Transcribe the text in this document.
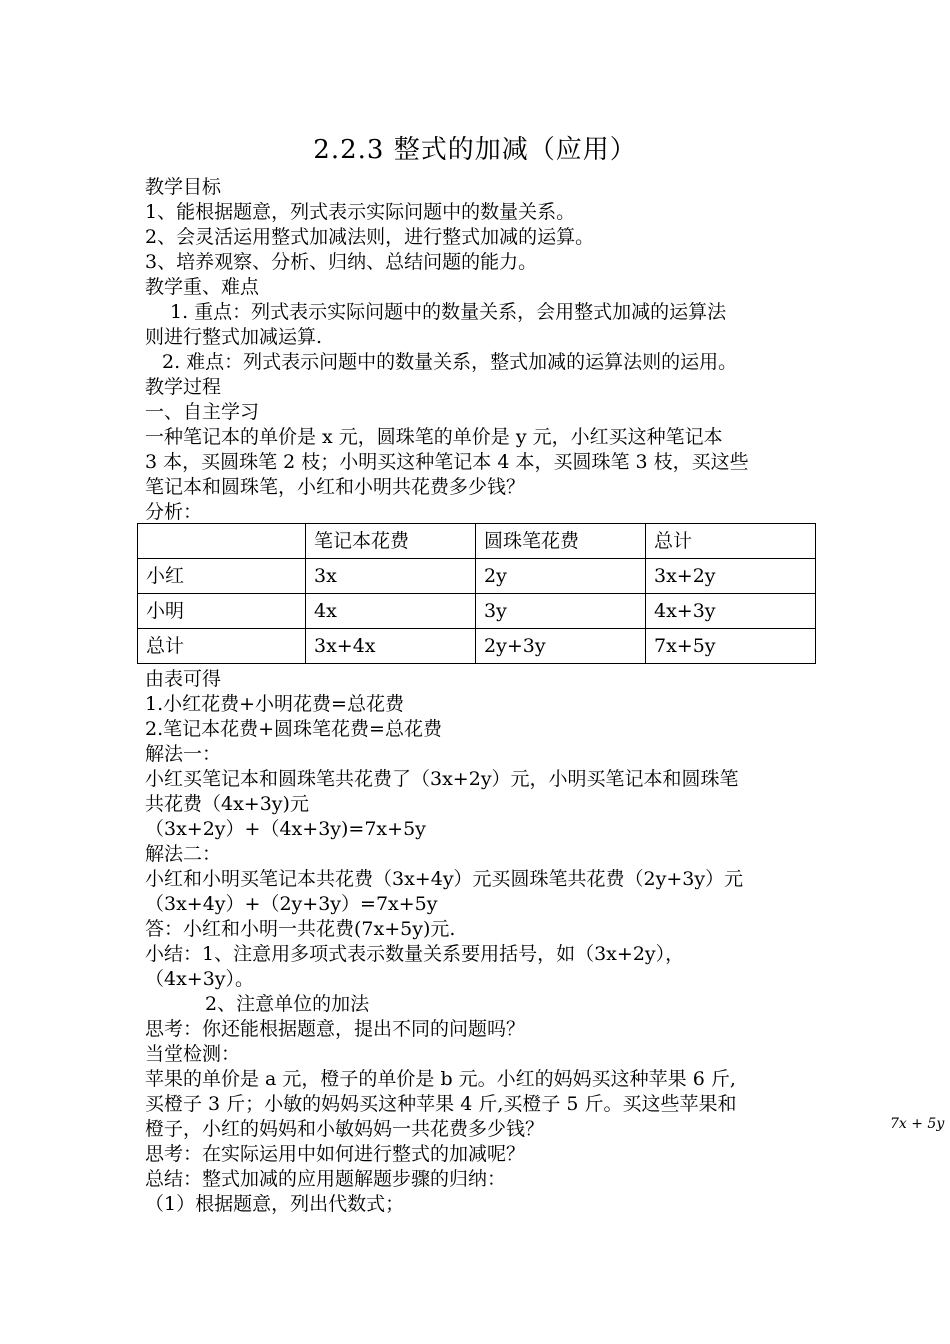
2.2.3 整式的加减（应用）
教学目标
1、能根据题意，列式表示实际问题中的数量关系。
2、会灵活运用整式加减法则，进行整式加减的运算。
3、培养观察、分析、归纳、总结问题的能力。
教学重、难点
1. 重点：列式表示实际问题中的数量关系，会用整式加减的运算法
则进行整式加减运算.
2. 难点：列式表示问题中的数量关系，整式加减的运算法则的运用。
教学过程
一、自主学习
一种笔记本的单价是 x 元，圆珠笔的单价是 y 元，小红买这种笔记本
3 本，买圆珠笔 2 枝；小明买这种笔记本 4 本，买圆珠笔 3 枝，买这些
笔记本和圆珠笔，小红和小明共花费多少钱？
分析：
	笔记本花费	圆珠笔花费	总计
小红	3x	2y	3x+2y
小明	4x	3y	4x+3y
总计	3x+4x	2y+3y	7x+5y
由表可得
1.小红花费+小明花费=总花费
2.笔记本花费+圆珠笔花费=总花费
解法一：
小红买笔记本和圆珠笔共花费了（3x+2y）元，小明买笔记本和圆珠笔
共花费（4x+3y)元
（3x+2y）+（4x+3y)=7x+5y
解法二：
小红和小明买笔记本共花费（3x+4y）元买圆珠笔共花费（2y+3y）元
（3x+4y）+（2y+3y）=7x+5y
答：小红和小明一共花费(7x+5y)元.
小结：1、注意用多项式表示数量关系要用括号，如（3x+2y），
（4x+3y）。
2、注意单位的加法
思考：你还能根据题意，提出不同的问题吗？
当堂检测：
苹果的单价是 a 元，橙子的单价是 b 元。小红的妈妈买这种苹果 6 斤,
买橙子 3 斤；小敏的妈妈买这种苹果 4 斤,买橙子 5 斤。买这些苹果和
橙子，小红的妈妈和小敏妈妈一共花费多少钱？	7x + 5y
思考：在实际运用中如何进行整式的加减呢？
总结：整式加减的应用题解题步骤的归纳：
（1）根据题意，列出代数式；
